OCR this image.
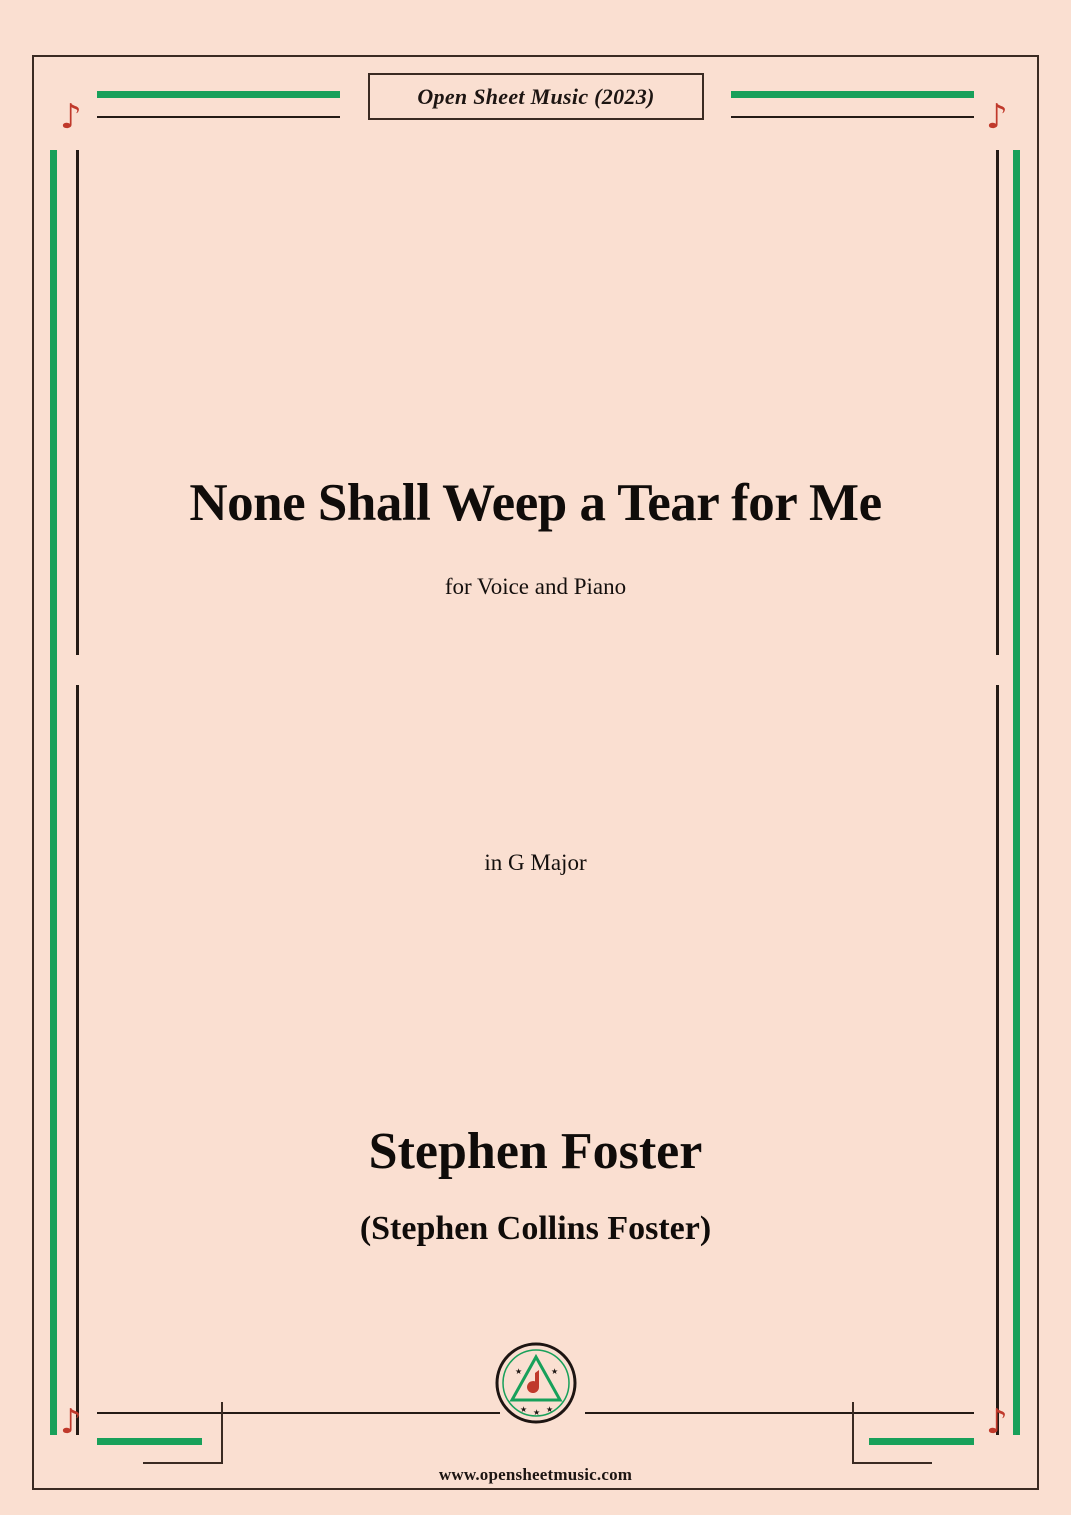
♪	♪
♪	♪
Open Sheet Music (2023)
None Shall Weep a Tear for Me
for Voice and Piano
in G Major
Stephen Foster
(Stephen Collins Foster)
★	★
★ ★ ★
www.opensheetmusic.com
